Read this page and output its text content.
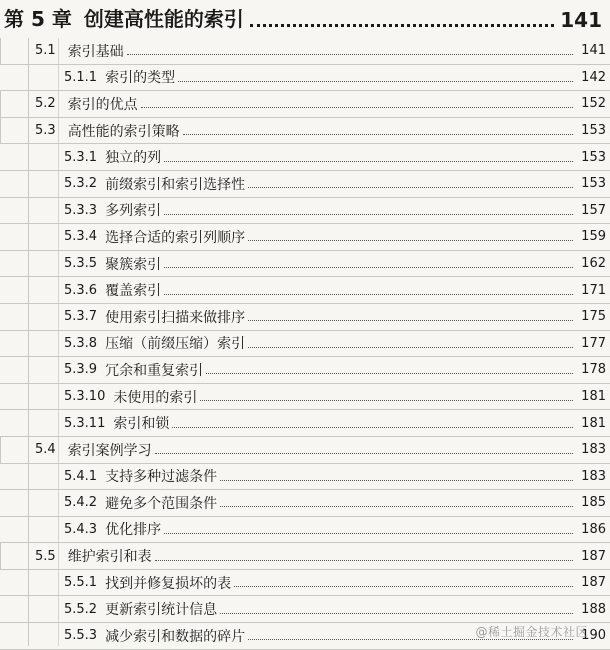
第 5 章 创建高性能的索引	141
5.1 索引基础	141
5.1.1 索引的类型	142
5.2 索引的优点	152
5.3 高性能的索引策略	153
5.3.1 独立的列	153
5.3.2 前缀索引和索引选择性	153
5.3.3 多列索引	157
5.3.4 选择合适的索引列顺序	159
5.3.5 聚簇索引	162
5.3.6 覆盖索引	171
5.3.7 使用索引扫描来做排序	175
5.3.8 压缩（前缀压缩）索引	177
5.3.9 冗余和重复索引	178
5.3.10 未使用的索引	181
5.3.11 索引和锁	181
5.4 索引案例学习	183
5.4.1 支持多种过滤条件	183
5.4.2 避免多个范围条件	185
5.4.3 优化排序	186
5.5 维护索引和表	187
5.5.1 找到并修复损坏的表	187
5.5.2 更新索引统计信息	188
5.5.3 减少索引和数据的碎片	190
@稀土掘金技术社区
